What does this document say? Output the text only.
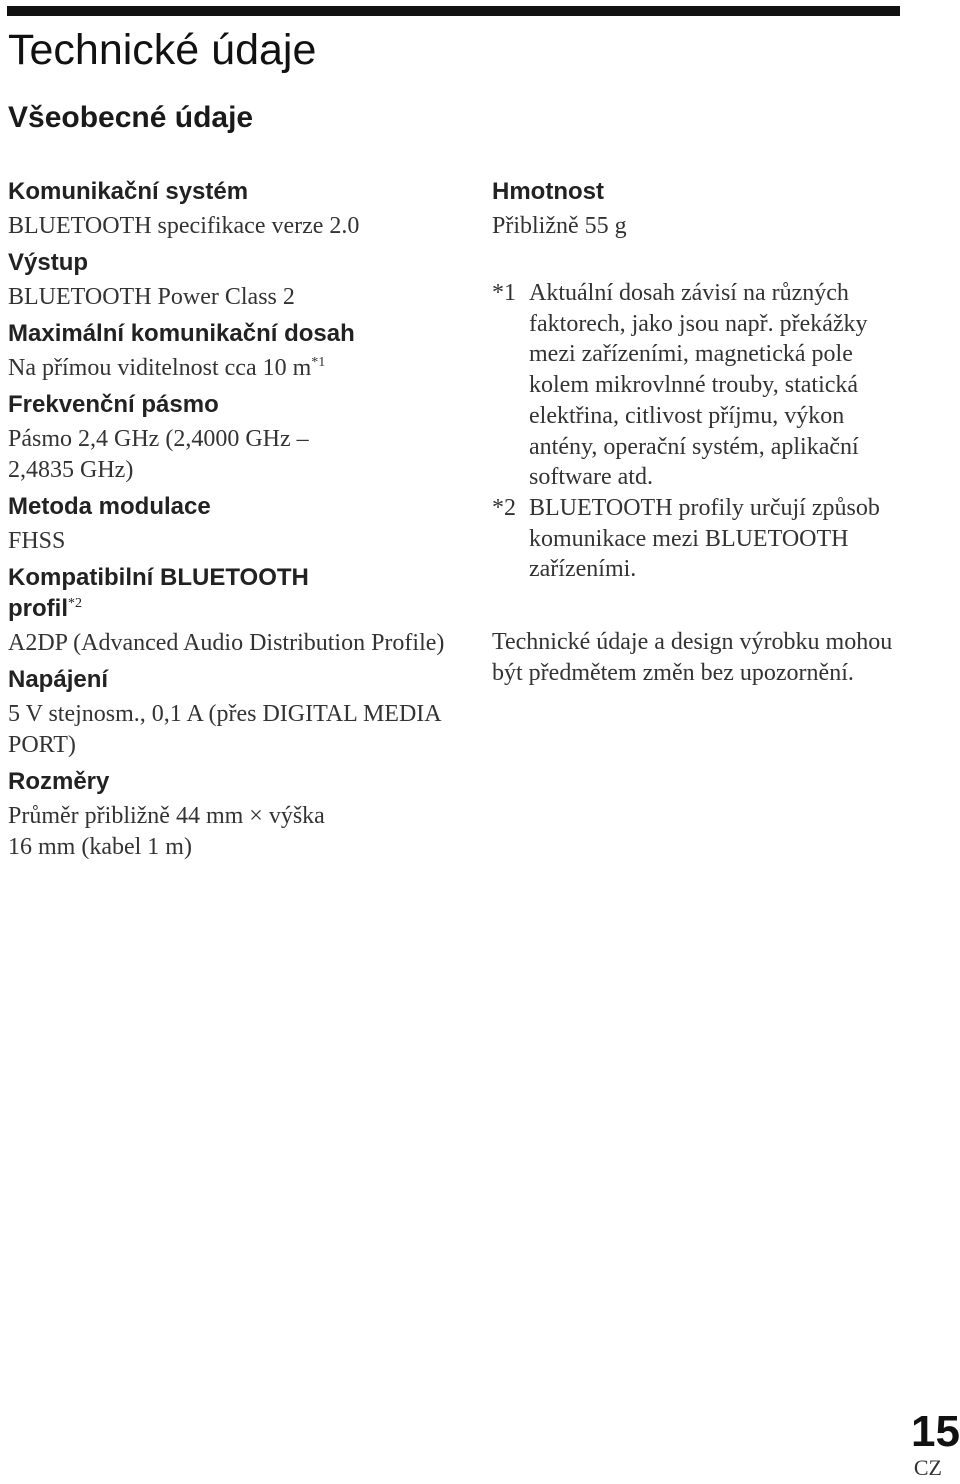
Technické údaje
Všeobecné údaje

Komunikační systém

BLUETOOTH specifikace verze 2.0

Výstup

BLUETOOTH Power Class 2

Maximální komunikační dosah

Na přímou viditelnost cca 10 $m^{*1}$

Frekvenční pásmo

Pásmo 2,4 GHz (2,4000 GHz –
2,4835 GHz)

Metoda modulace

FHSS

Kompatibilní BLUETOOTH
profil$^{*2}$

A2DP (Advanced Audio Distribution Profile)

Napájení

5 V stejnosm., 0,1 A (přes DIGITAL MEDIA PORT)

Rozměry

Průměr přibližně 44 mm × výška
16 mm (kabel 1 m)

Hmotnost

Přibližně 55 g

*1 Aktuální dosah závisí na různých faktorech, jako jsou např. překážky mezi zařízeními, magnetická pole kolem mikrovlnné trouby, statická elektřina, citlivost příjmu, výkon antény, operační systém, aplikační software atd.
*2 BLUETOOTH profily určují způsob komunikace mezi BLUETOOTH zařízeními.

Technické údaje a design výrobku mohou být předmětem změn bez upozornění.

15
CZ
